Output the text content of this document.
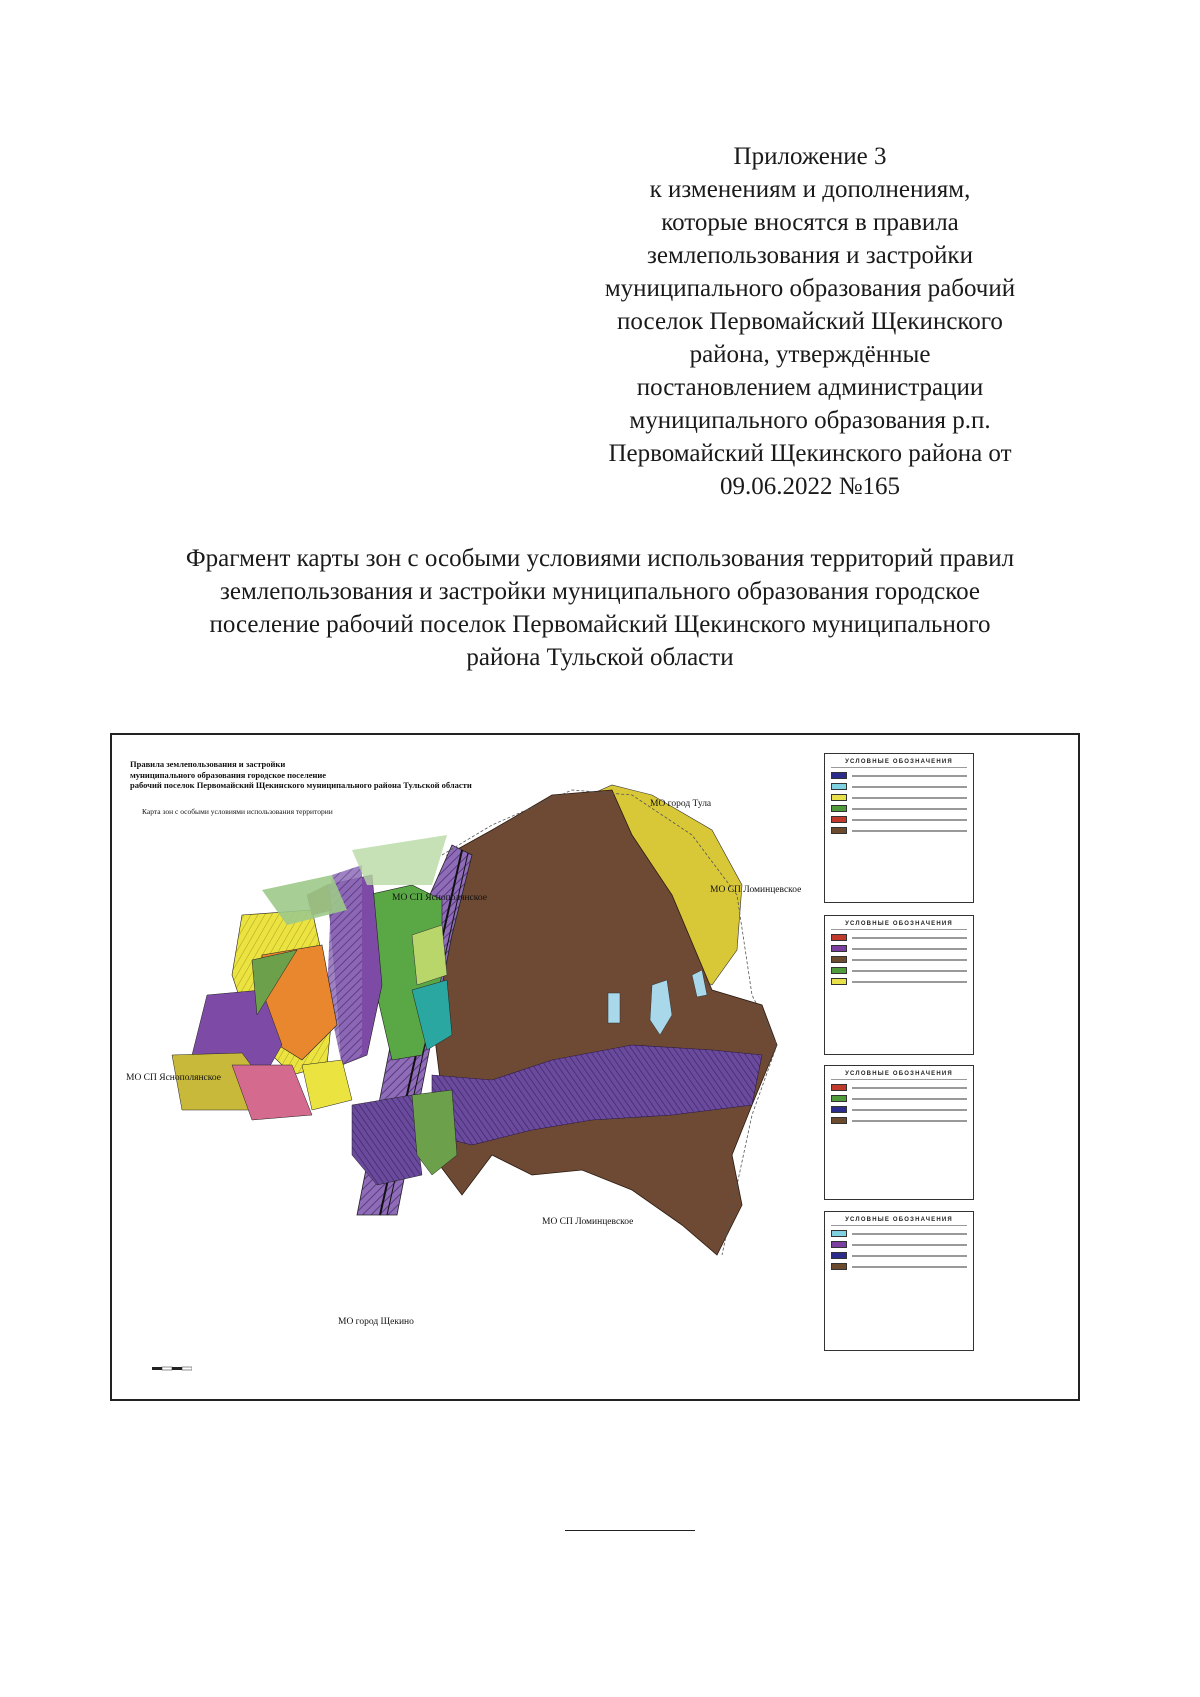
Приложение 3
к изменениям и дополнениям,
которые вносятся в правила
землепользования и застройки
муниципального образования рабочий
поселок Первомайский Щекинского
района, утверждённые
постановлением администрации
муниципального образования р.п.
Первомайский Щекинского района от
09.06.2022 №165
Фрагмент карты зон с особыми условиями использования территорий правил
землепользования и застройки муниципального образования городское
поселение рабочий поселок Первомайский Щекинского муниципального
района Тульской области
Правила землепользования и застройки
муниципального образования городское поселение
рабочий поселок Первомайский Щекинского муниципального района Тульской области
Карта зон с особыми условиями использования территории
МО город Тула
МО СП Яснополянское
МО СП Ломинцевское
МО СП Яснополянское
МО СП Ломинцевское
МО город Щекино
УСЛОВНЫЕ ОБОЗНАЧЕНИЯ
УСЛОВНЫЕ ОБОЗНАЧЕНИЯ
УСЛОВНЫЕ ОБОЗНАЧЕНИЯ
УСЛОВНЫЕ ОБОЗНАЧЕНИЯ
